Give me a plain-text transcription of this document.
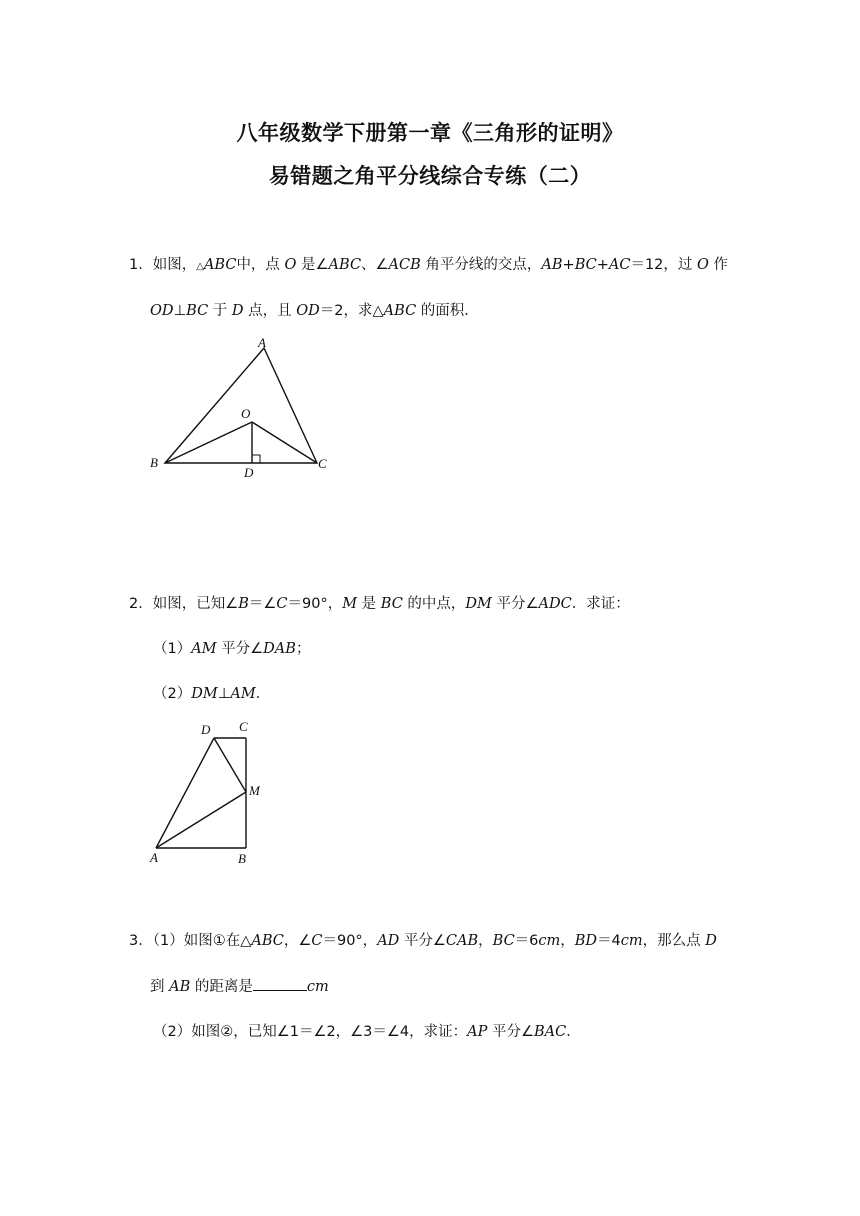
八年级数学下册第一章《三角形的证明》
易错题之角平分线综合专练（二）
1．如图，△ABC中，点 O 是∠ABC、∠ACB 角平分线的交点，AB+BC+AC＝12，过 O 作
OD⊥BC 于 D 点，且 OD＝2，求△ABC 的面积．
A
B	C
O
D
2．如图，已知∠B＝∠C＝90°，M 是 BC 的中点，DM 平分∠ADC．求证：
（1）AM 平分∠DAB；
（2）DM⊥AM．
D C
M
A	B
3．（1）如图①在△ABC，∠C＝90°，AD 平分∠CAB，BC＝6cm，BD＝4cm，那么点 D
到 AB 的距离是	cm
（2）如图②，已知∠1＝∠2，∠3＝∠4，求证：AP 平分∠BAC．
